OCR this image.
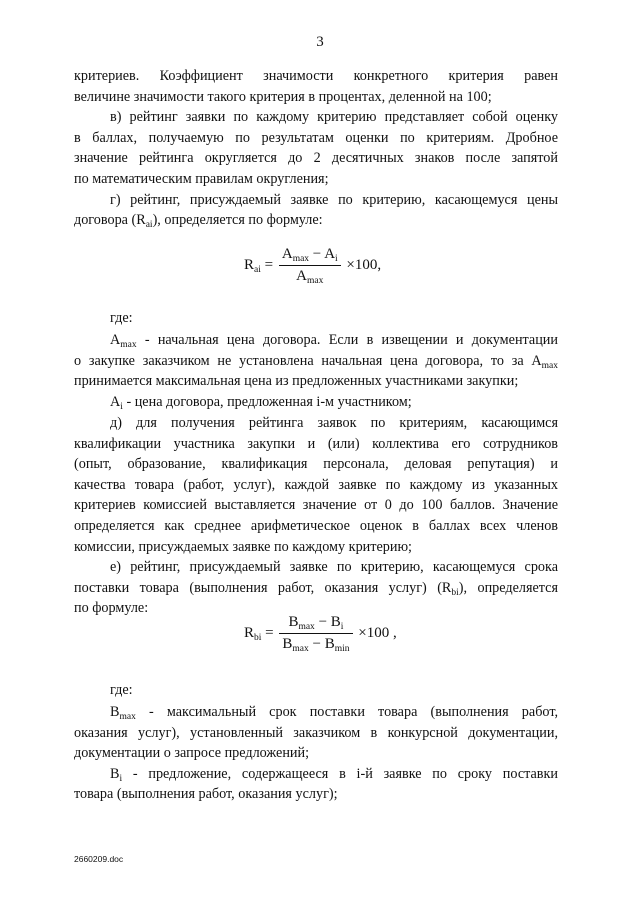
3
критериев. Коэффициент значимости конкретного критерия равен
величине значимости такого критерия в процентах, деленной на 100;
в) рейтинг заявки по каждому критерию представляет собой оценку
в баллах, получаемую по результатам оценки по критериям. Дробное
значение рейтинга округляется до 2 десятичных знаков после запятой
по математическим правилам округления;
г) рейтинг, присуждаемый заявке по критерию, касающемуся цены
договора $(R_{ai})$, определяется по формуле:
$R_{ai} = \frac{A_{max} - A_i}{A_{max}} \times 100$,
где:
$A_{max}$ - начальная цена договора. Если в извещении и документации
о закупке заказчиком не установлена начальная цена договора, то за $A_{max}$
принимается максимальная цена из предложенных участниками закупки;
$A_i$ - цена договора, предложенная i-м участником;
д) для получения рейтинга заявок по критериям, касающимся
квалификации участника закупки и (или) коллектива его сотрудников
(опыт, образование, квалификация персонала, деловая репутация) и
качества товара (работ, услуг), каждой заявке по каждому из указанных
критериев комиссией выставляется значение от 0 до 100 баллов. Значение
определяется как среднее арифметическое оценок в баллах всех членов
комиссии, присуждаемых заявке по каждому критерию;
е) рейтинг, присуждаемый заявке по критерию, касающемуся срока
поставки товара (выполнения работ, оказания услуг) $(R_{bi})$, определяется
по формуле:
$R_{bi} = \frac{B_{max} - B_i}{B_{max} - B_{min}} \times 100$ ,
где:
$B_{max}$ - максимальный срок поставки товара (выполнения работ,
оказания услуг), установленный заказчиком в конкурсной документации,
документации о запросе предложений;
$B_i$ - предложение, содержащееся в i-й заявке по сроку поставки
товара (выполнения работ, оказания услуг);
2660209.doc
